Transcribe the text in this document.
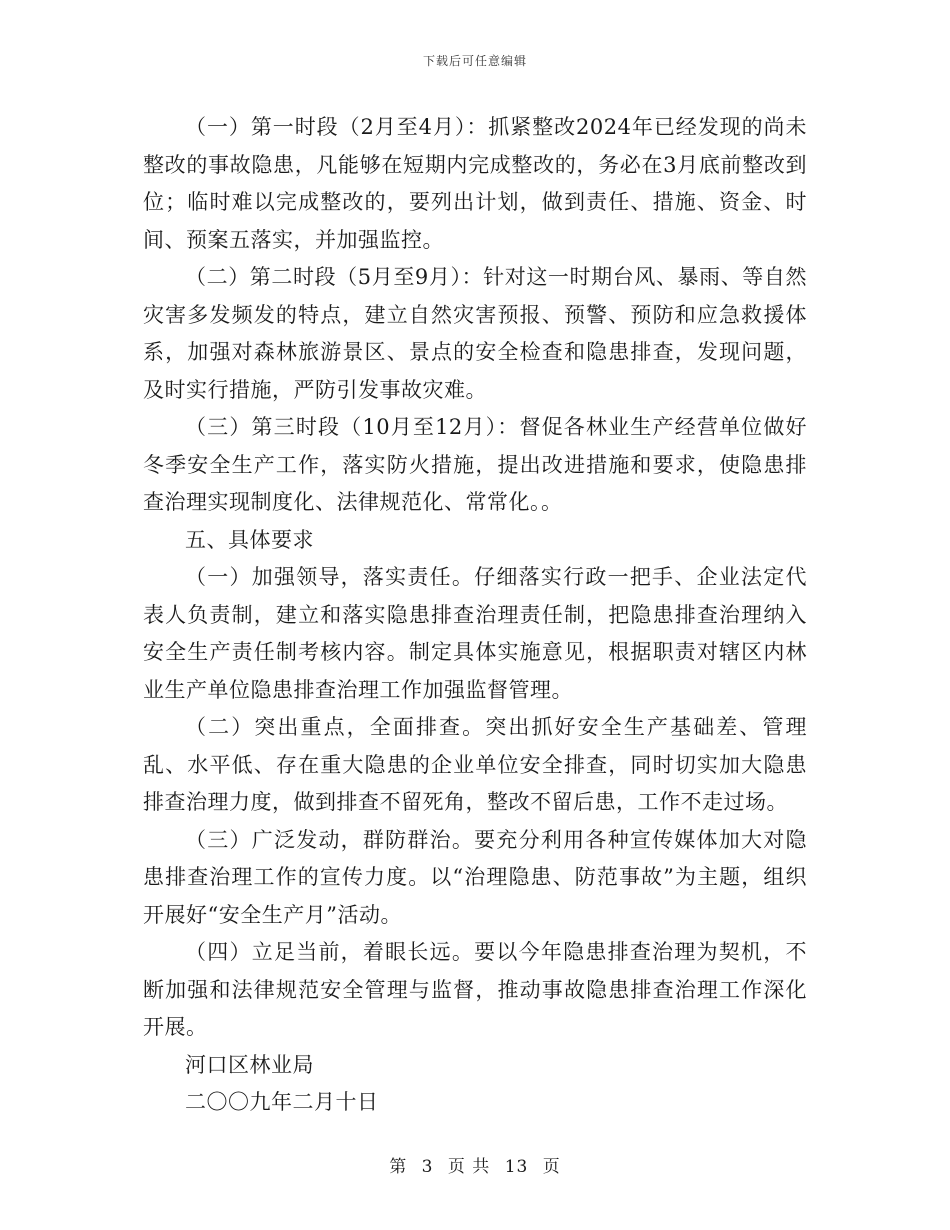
下载后可任意编辑

（一）第一时段（2月至4月）：抓紧整改2024年已经发现的尚未整改的事故隐患，凡能够在短期内完成整改的，务必在3月底前整改到位；临时难以完成整改的，要列出计划，做到责任、措施、资金、时间、预案五落实，并加强监控。

（二）第二时段（5月至9月）：针对这一时期台风、暴雨、等自然灾害多发频发的特点，建立自然灾害预报、预警、预防和应急救援体系，加强对森林旅游景区、景点的安全检查和隐患排查，发现问题，及时实行措施，严防引发事故灾难。

（三）第三时段（10月至12月）：督促各林业生产经营单位做好冬季安全生产工作，落实防火措施，提出改进措施和要求，使隐患排查治理实现制度化、法律规范化、常常化。。

五、具体要求

（一）加强领导，落实责任。仔细落实行政一把手、企业法定代表人负责制，建立和落实隐患排查治理责任制，把隐患排查治理纳入安全生产责任制考核内容。制定具体实施意见，根据职责对辖区内林业生产单位隐患排查治理工作加强监督管理。

（二）突出重点，全面排查。突出抓好安全生产基础差、管理乱、水平低、存在重大隐患的企业单位安全排查，同时切实加大隐患排查治理力度，做到排查不留死角，整改不留后患，工作不走过场。

（三）广泛发动，群防群治。要充分利用各种宣传媒体加大对隐患排查治理工作的宣传力度。以“治理隐患、防范事故”为主题，组织开展好“安全生产月”活动。

（四）立足当前，着眼长远。要以今年隐患排查治理为契机，不断加强和法律规范安全管理与监督，推动事故隐患排查治理工作深化开展。

河口区林业局

二〇〇九年二月十日

第 3 页 共 13 页
